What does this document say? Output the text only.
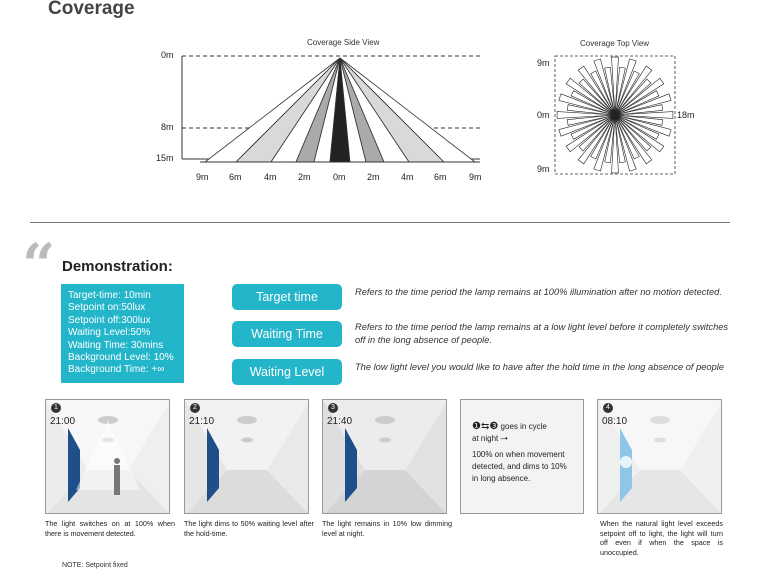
Coverage
Coverage Side View
0m
8m
15m
9m 6m 4m 2m 0m 2m 4m 6m 9m
Coverage Top View
9m
0m
9m
18m
“ Demonstration:
Target-time: 10min
Setpoint on:50lux
Setpoint off:300lux
Waiting Level:50%
Waiting Time: 30mins
Background Level: 10%
Background Time: +∞
Target time	Refers to the time period the lamp remains at 100% illumination after no motion detected.
Waiting Time	Refers to the time period the lamp remains at a low light level before it completely switches off in the long absence of people.
Waiting Level	The low light level you would like to have after the hold time in the long absence of people
1
21:00
The light switches on at 100% when there is movement detected.
2
21:10
The light dims to 50% waiting level after the hold-time.
3
21:40
The light remains in 10% low dimming level at night.
❶⇆❸ goes in cycle
at night –•
100% on when movement detected, and dims to 10% in long absence.
4
08:10
When the natural light level exceeds setpoint off to light, the light will turn off even if when the space is unoccupied.
NOTE: Setpoint fixed
